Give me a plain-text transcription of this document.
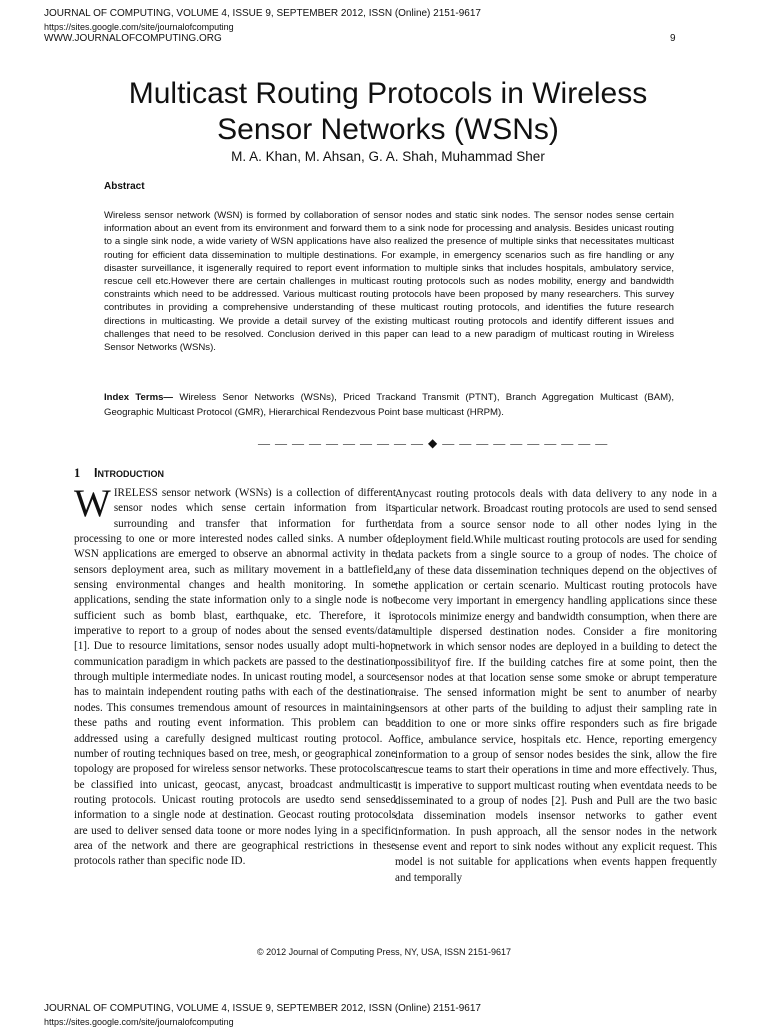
JOURNAL OF COMPUTING, VOLUME 4, ISSUE 9, SEPTEMBER 2012, ISSN (Online) 2151-9617
https://sites.google.com/site/journalofcomputing
WWW.JOURNALOFCOMPUTING.ORG	9
Multicast Routing Protocols in Wireless
Sensor Networks (WSNs)
M. A. Khan, M. Ahsan, G. A. Shah, Muhammad Sher
Abstract

Wireless sensor network (WSN) is formed by collaboration of sensor nodes and static sink nodes. The sensor nodes sense certain information about an event from its environment and forward them to a sink node for processing and analysis. Besides unicast routing to a single sink node, a wide variety of WSN applications have also realized the presence of multiple sinks that necessitates multicast routing for efficient data dissemination to multiple destinations. For example, in emergency scenarios such as fire handling or any disaster surveillance, it isgenerally required to report event information to multiple sinks that includes hospitals, ambulatory service, rescue cell etc.However there are certain challenges in multicast routing protocols such as nodes mobility, energy and bandwidth constraints which need to be addressed. Various multicast routing protocols have been proposed by many researchers. This survey contributes in providing a comprehensive understanding of these multicast routing protocols, and identifies the future research directions in multicasting. We provide a detail survey of the existing multicast routing protocols and identify different issues and challenges that need to be resolved. Conclusion derived in this paper can lead to a new paradigm of multicast routing in Wireless Sensor Networks (WSNs).

Index Terms— Wireless Senor Networks (WSNs), Priced Trackand Transmit (PTNT), Branch Aggregation Multicast (BAM), Geographic Multicast Protocol (GMR), Hierarchical Rendezvous Point base multicast (HRPM).

— — — — — — — — — — ◆ — — — — — — — — — —
1 Introduction

WIRELESS sensor network (WSNs) is a collection of different sensor nodes which sense certain information from its surrounding and transfer that information for further processing to one or more interested nodes called sinks. A number of WSN applications are emerged to observe an abnormal activity in the sensors deployment area, such as military movement in a battlefield, sensing environmental changes and health monitoring. In some applications, sending the state information only to a single node is not sufficient such as bomb blast, earthquake, etc. Therefore, it is imperative to report to a group of nodes about the sensed events/data [1]. Due to resource limitations, sensor nodes usually adopt multi-hop communication paradigm in which packets are passed to the destination through multiple intermediate nodes. In unicast routing model, a source has to maintain independent routing paths with each of the destination nodes. This consumes tremendous amount of resources in maintaining these paths and routing event information. This problem can be addressed using a carefully designed multicast routing protocol. A number of routing techniques based on tree, mesh, or geographical zone topology are proposed for wireless sensor networks. These protocolscan be classified into unicast, geocast, anycast, broadcast andmulticast routing protocols. Unicast routing protocols are usedto send sensed information to a single node at destination. Geocast routing protocols are used to deliver sensed data toone or more nodes lying in a specific area of the network and there are geographical restrictions in these protocols rather than specific node ID.

Anycast routing protocols deals with data delivery to any node in a particular network. Broadcast routing protocols are used to send sensed data from a source sensor node to all other nodes lying in the deployment field.While multicast routing protocols are used for sending data packets from a single source to a group of nodes. The choice of any of these data dissemination techniques depend on the objectives of the application or certain scenario. Multicast routing protocols have become very important in emergency handling applications since these protocols minimize energy and bandwidth consumption, when there are multiple dispersed destination nodes. Consider a fire monitoring network in which sensor nodes are deployed in a building to detect the possibilityof fire. If the building catches fire at some point, then the sensor nodes at that location sense some smoke or abrupt temperature raise. The sensed information might be sent to anumber of nearby sensors at other parts of the building to adjust their sampling rate in addition to one or more sinks offire responders such as fire brigade office, ambulance service, hospitals etc. Hence, reporting emergency information to a group of sensor nodes besides the sink, allow the fire rescue teams to start their operations in time and more effectively. Thus, it is imperative to support multicast routing when eventdata needs to be disseminated to a group of nodes [2]. Push and Pull are the two basic data dissemination models insensor networks to gather event information. In push approach, all the sensor nodes in the network sense event and report to sink nodes without any explicit request. This model is not suitable for applications when events happen frequently and temporally

© 2012 Journal of Computing Press, NY, USA, ISSN 2151-9617
JOURNAL OF COMPUTING, VOLUME 4, ISSUE 9, SEPTEMBER 2012, ISSN (Online) 2151-9617
https://sites.google.com/site/journalofcomputing
